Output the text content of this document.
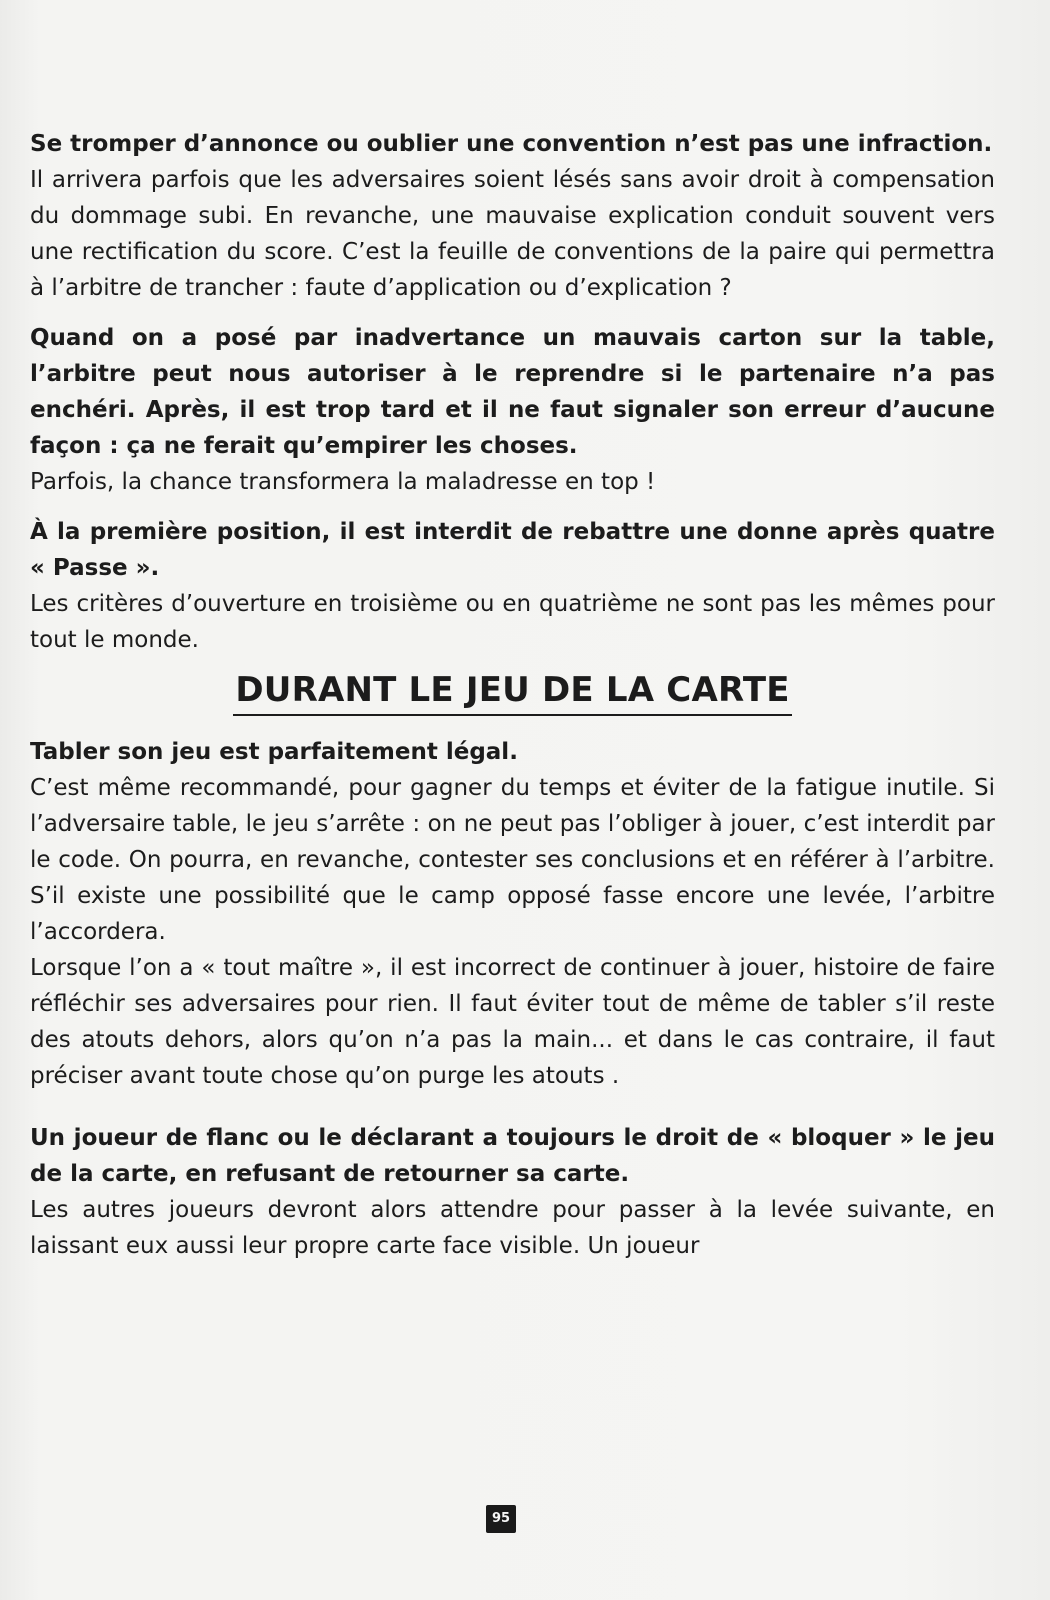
Se tromper d’annonce ou oublier une convention n’est pas une infraction.

Il arrivera parfois que les adversaires soient lésés sans avoir droit à compensation du dommage subi. En revanche, une mauvaise explication conduit souvent vers une rectification du score. C’est la feuille de conventions de la paire qui permettra à l’arbitre de trancher : faute d’application ou d’explication ?

Quand on a posé par inadvertance un mauvais carton sur la table, l’arbitre peut nous autoriser à le reprendre si le partenaire n’a pas enchéri. Après, il est trop tard et il ne faut signaler son erreur d’aucune façon : ça ne ferait qu’empirer les choses.

Parfois, la chance transformera la maladresse en top !

À la première position, il est interdit de rebattre une donne après quatre « Passe ».

Les critères d’ouverture en troisième ou en quatrième ne sont pas les mêmes pour tout le monde.

DURANT LE JEU DE LA CARTE

Tabler son jeu est parfaitement légal.

C’est même recommandé, pour gagner du temps et éviter de la fatigue inutile. Si l’adversaire table, le jeu s’arrête : on ne peut pas l’obliger à jouer, c’est interdit par le code. On pourra, en revanche, contester ses conclusions et en référer à l’arbitre. S’il existe une possibilité que le camp opposé fasse encore une levée, l’arbitre l’accordera.

Lorsque l’on a « tout maître », il est incorrect de continuer à jouer, histoire de faire réfléchir ses adversaires pour rien. Il faut éviter tout de même de tabler s’il reste des atouts dehors, alors qu’on n’a pas la main... et dans le cas contraire, il faut préciser avant toute chose qu’on purge les atouts .

Un joueur de flanc ou le déclarant a toujours le droit de « bloquer » le jeu de la carte, en refusant de retourner sa carte.

Les autres joueurs devront alors attendre pour passer à la levée suivante, en laissant eux aussi leur propre carte face visible. Un joueur

95
